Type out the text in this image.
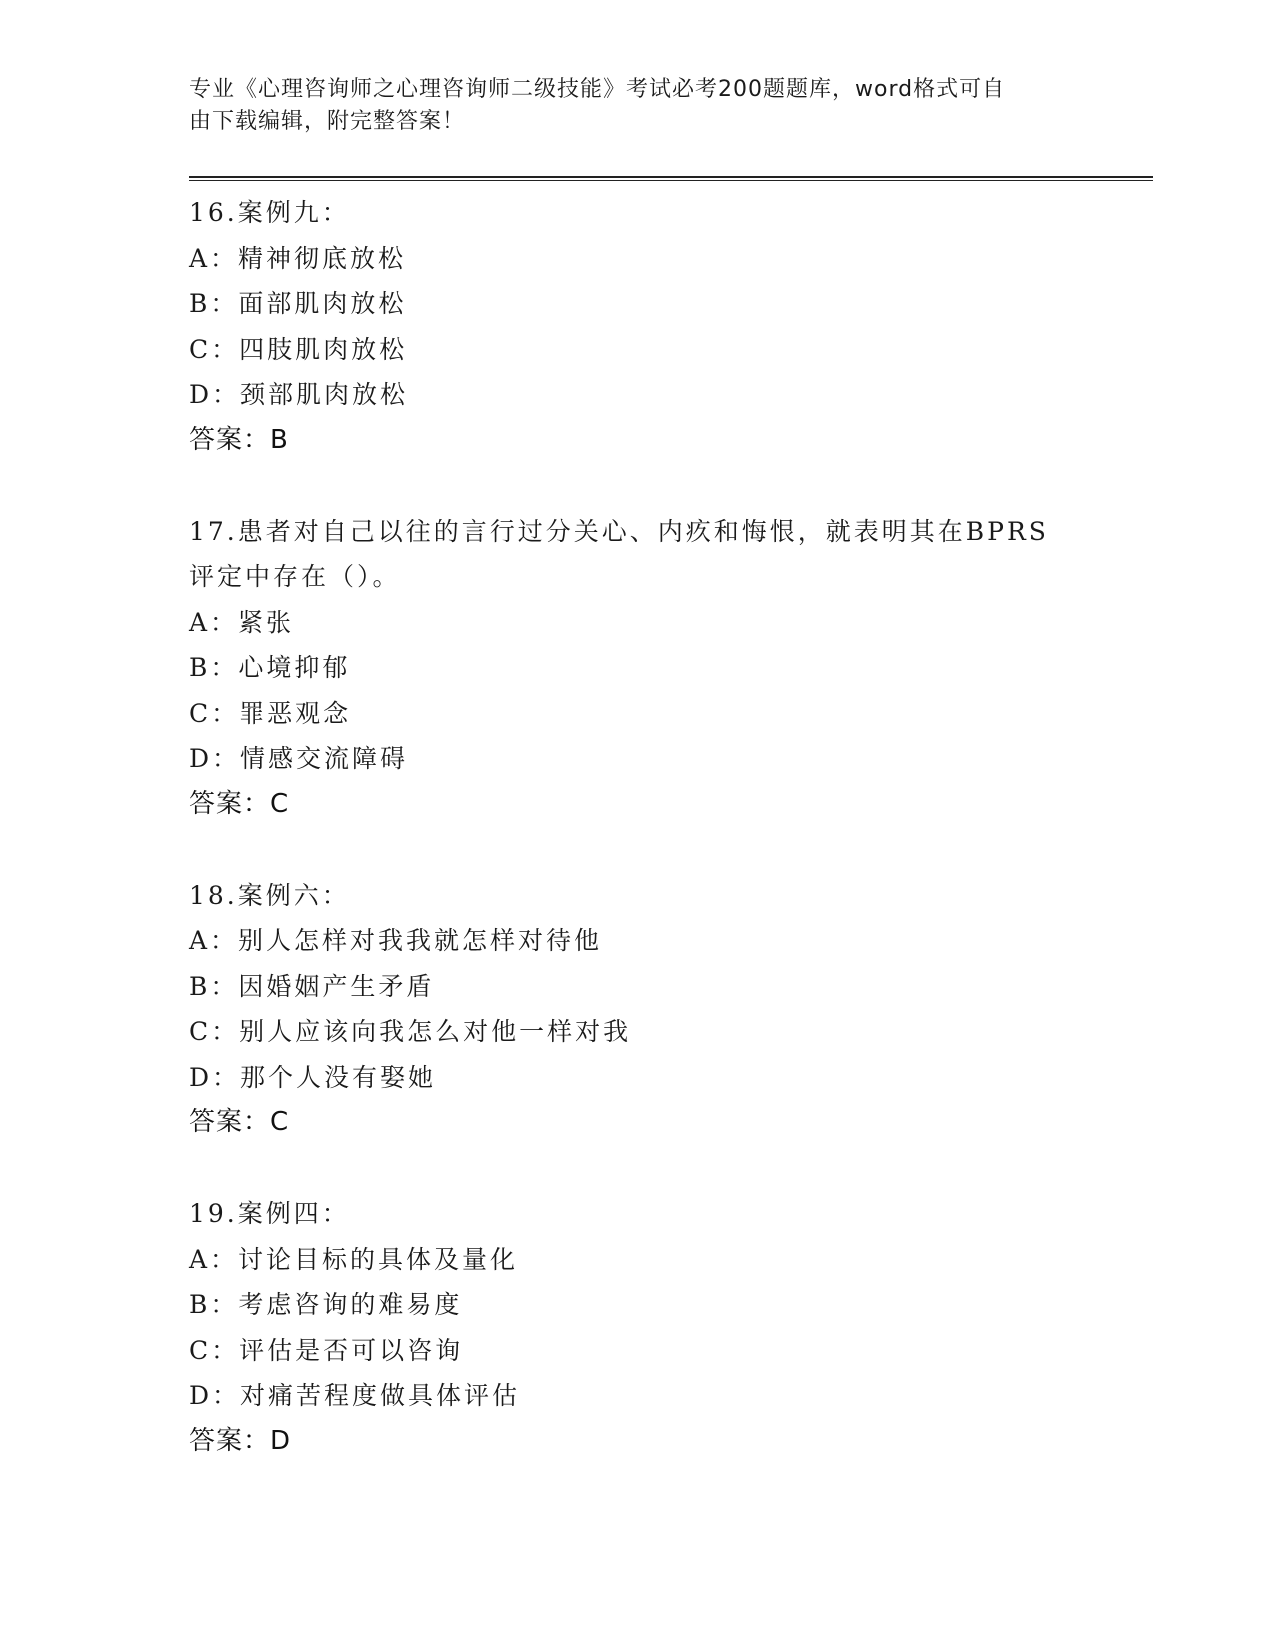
专业《心理咨询师之心理咨询师二级技能》考试必考200题题库，word格式可自
由下载编辑，附完整答案！
16.案例九：
A：精神彻底放松
B：面部肌肉放松
C：四肢肌肉放松
D：颈部肌肉放松
答案：B
17.患者对自己以往的言行过分关心、内疚和悔恨，就表明其在BPRS
评定中存在（）。
A：紧张
B：心境抑郁
C：罪恶观念
D：情感交流障碍
答案：C
18.案例六：
A：别人怎样对我我就怎样对待他
B：因婚姻产生矛盾
C：别人应该向我怎么对他一样对我
D：那个人没有娶她
答案：C
19.案例四：
A：讨论目标的具体及量化
B：考虑咨询的难易度
C：评估是否可以咨询
D：对痛苦程度做具体评估
答案：D
